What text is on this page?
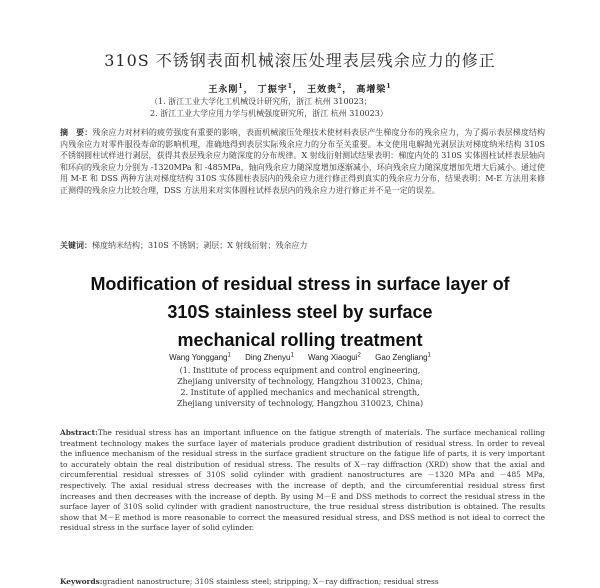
310S 不锈钢表面机械滚压处理表层残余应力的修正
王永刚$^1$， 丁振宇$^1$， 王效贵$^2$， 高增梁$^1$
（1. 浙江工业大学化工机械设计研究所，浙江 杭州 310023；
2. 浙江工业大学应用力学与机械强度研究所，浙江 杭州 310023）
摘　要：残余应力对材料的疲劳强度有重要的影响，表面机械滚压处理技术使材料表层产生梯度分布的残余应力，为了揭示表层梯度结构内残余应力对零件服役寿命的影响机理，准确地得到表层实际残余应力的分布至关重要。本文使用电解抛光剥层法对梯度纳米结构 310S 不锈钢圆柱试样进行剥层，获得其表层残余应力随深度的分布规律。X 射线衍射测试结果表明：梯度内处的 310S 实体圆柱试样表层轴向和环向的残余应力分别为 -1320MPa 和 -485MPa，轴向残余应力随深度增加逐渐减小，环向残余应力随深度增加先增大后减小。通过使用 M-E 和 DSS 两种方法对梯度结构 310S 实体圆柱表层内的残余应力进行修正得到真实的残余应力分布，结果表明：M-E 方法用来修正测得的残余应力比较合理，DSS 方法用来对实体圆柱试样表层内的残余应力进行修正并不是一定的误差。
关键词：梯度纳米结构；310S 不锈钢；剥层；X 射线衍射；残余应力
Modification of residual stress in surface layer of
310S stainless steel by surface
mechanical rolling treatment
Wang Yonggang$^1$ Ding Zhenyu$^1$ Wang Xiaogui$^2$ Gao Zengliang$^1$
(1. Institute of process equipment and control engineering,
Zhejiang university of technology, Hangzhou 310023, China;
2. Institute of applied mechanics and mechanical strength,
Zhejiang university of technology, Hangzhou 310023, China)
Abstract:The residual stress has an important influence on the fatigue strength of materials. The surface mechanical rolling treatment technology makes the surface layer of materials produce gradient distribution of residual stress. In order to reveal the influence mechanism of the residual stress in the surface gradient structure on the fatigue life of parts, it is very important to accurately obtain the real distribution of residual stress. The results of X－ray diffraction (XRD) show that the axial and circumferential residual stresses of 310S solid cylinder with gradient nanostructures are －1320 MPa and －485 MPa, respectively. The axial residual stress decreases with the increase of depth, and the circumferential residual stress first increases and then decreases with the increase of depth. By using M－E and DSS methods to correct the residual stress in the surface layer of 310S solid cylinder with gradient nanostructure, the true residual stress distribution is obtained. The results show that M－E method is more reasonable to correct the measured residual stress, and DSS method is not ideal to correct the residual stress in the surface layer of solid cylinder.
Keywords:gradient nanostructure; 310S stainless steel; stripping; X－ray diffraction; residual stress
